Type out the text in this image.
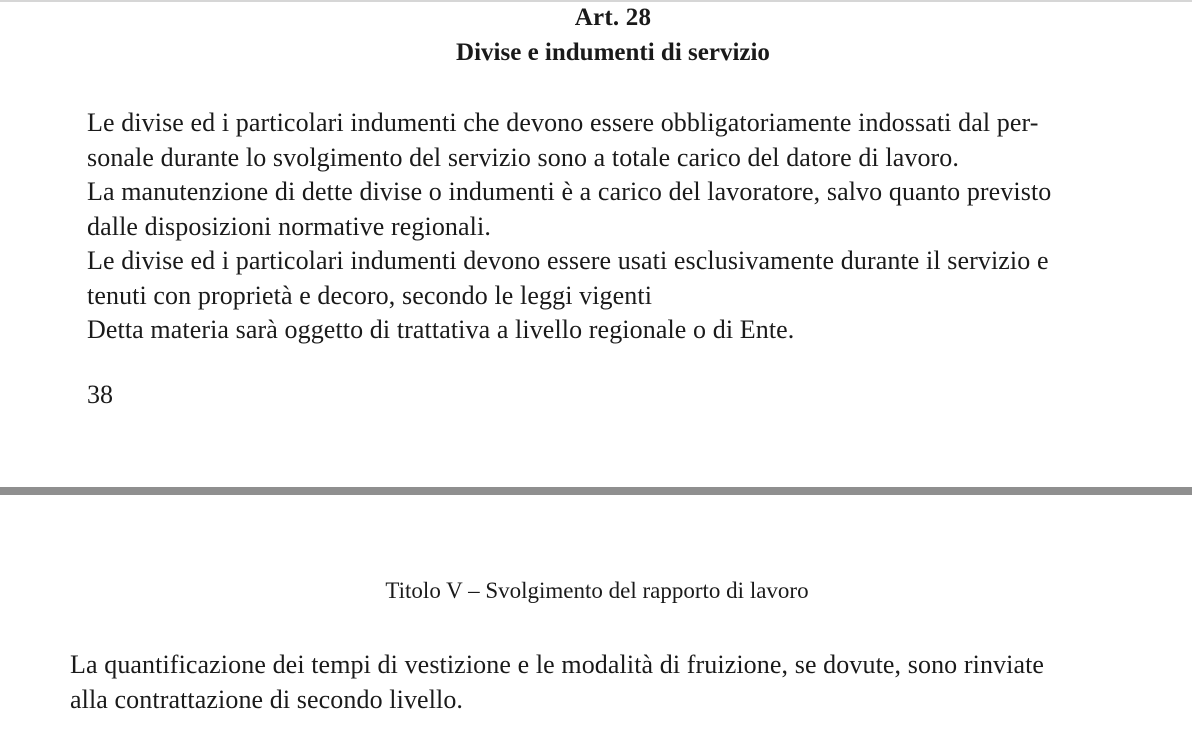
Art. 28
Divise e indumenti di servizio
Le divise ed i particolari indumenti che devono essere obbligatoriamente indossati dal per-
sonale durante lo svolgimento del servizio sono a totale carico del datore di lavoro.
La manutenzione di dette divise o indumenti è a carico del lavoratore, salvo quanto previsto
dalle disposizioni normative regionali.
Le divise ed i particolari indumenti devono essere usati esclusivamente durante il servizio e
tenuti con proprietà e decoro, secondo le leggi vigenti
Detta materia sarà oggetto di trattativa a livello regionale o di Ente.
38
Titolo V – Svolgimento del rapporto di lavoro
La quantificazione dei tempi di vestizione e le modalità di fruizione, se dovute, sono rinviate
alla contrattazione di secondo livello.
